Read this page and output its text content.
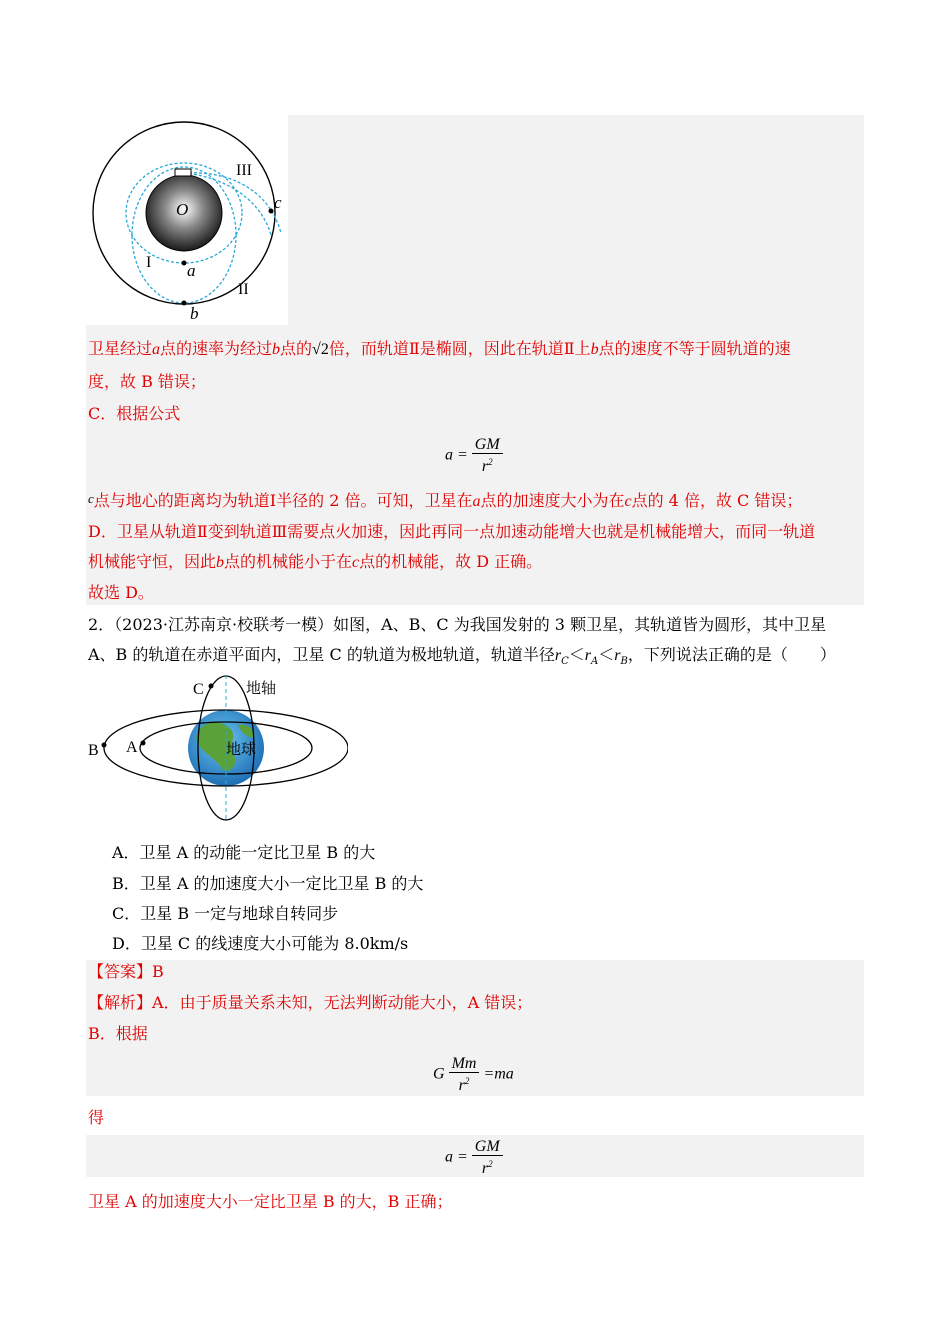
O
III
I a
II
b
c
卫星经过a点的速率为经过b点的√2倍，而轨道Ⅱ是椭圆，因此在轨道Ⅱ上b点的速度不等于圆轨道的速
度，故 B 错误；
C．根据公式
$a = \frac{GM}{r^2}$
c点与地心的距离均为轨道Ⅰ半径的 2 倍。可知，卫星在a点的加速度大小为在c点的 4 倍，故 C 错误；
D．卫星从轨道Ⅱ变到轨道Ⅲ需要点火加速，因此再同一点加速动能增大也就是机械能增大，而同一轨道
机械能守恒，因此b点的机械能小于在c点的机械能，故 D 正确。
故选 D。
2．（2023·江苏南京·校联考一模）如图，A、B、C 为我国发射的 3 颗卫星，其轨道皆为圆形，其中卫星
A、B 的轨道在赤道平面内，卫星 C 的轨道为极地轨道，轨道半径$r_C<r_A<r_B$，下列说法正确的是（　　）
C	地轴
B A	地球
A．卫星 A 的动能一定比卫星 B 的大
B．卫星 A 的加速度大小一定比卫星 B 的大
C．卫星 B 一定与地球自转同步
D．卫星 C 的线速度大小可能为 8.0km/s
【答案】B
【解析】A．由于质量关系未知，无法判断动能大小，A 错误；
B．根据
G $\frac{Mm}{r^2} =ma$
得
$a = \frac{GM}{r^2}$
卫星 A 的加速度大小一定比卫星 B 的大，B 正确；
